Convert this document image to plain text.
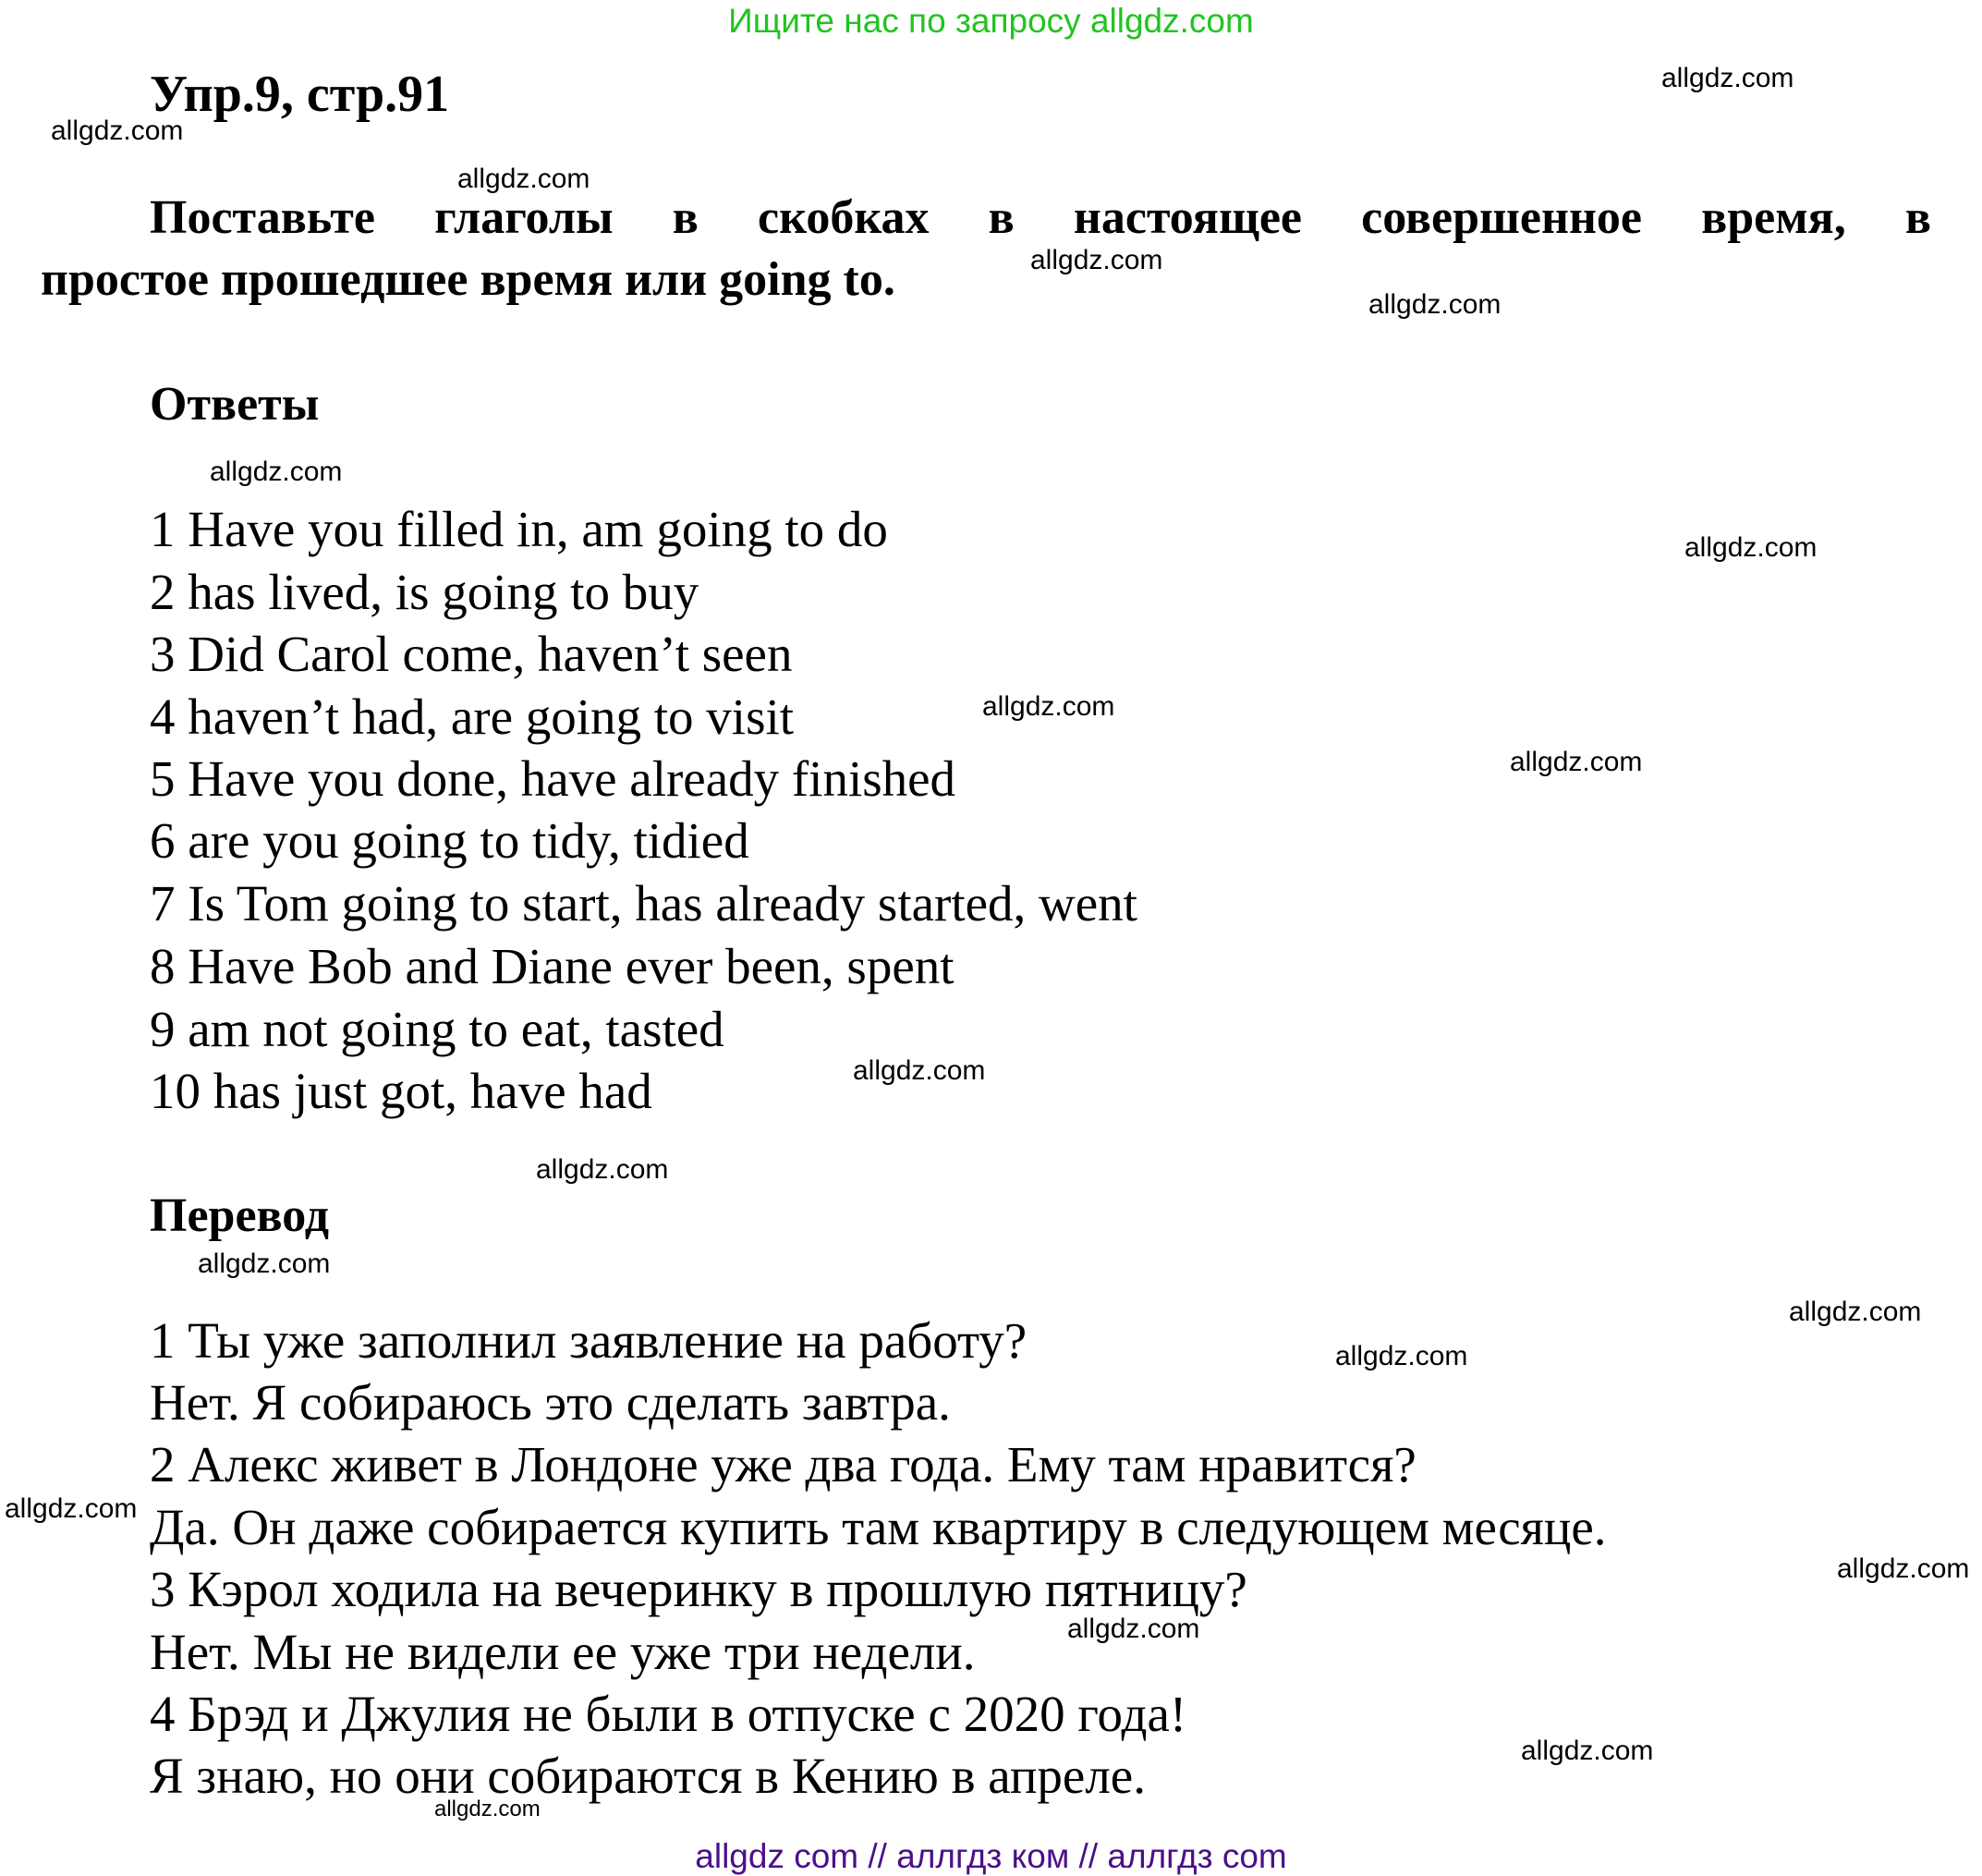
Ищите нас по запросу allgdz.com
Упр.9, стр.91
Поставьте глаголы в скобках в настоящее совершенное время, в
простое прошедшее время или going to.
Ответы
1 Have you filled in, am going to do
2 has lived, is going to buy
3 Did Carol come, haven’t seen
4 haven’t had, are going to visit
5 Have you done, have already finished
6 are you going to tidy, tidied
7 Is Tom going to start, has already started, went
8 Have Bob and Diane ever been, spent
9 am not going to eat, tasted
10 has just got, have had
Перевод
1 Ты уже заполнил заявление на работу?
Нет. Я собираюсь это сделать завтра.
2 Алекс живет в Лондоне уже два года. Ему там нравится?
Да. Он даже собирается купить там квартиру в следующем месяце.
3 Кэрол ходила на вечеринку в прошлую пятницу?
Нет. Мы не видели ее уже три недели.
4 Брэд и Джулия не были в отпуске с 2020 года!
Я знаю, но они собираются в Кению в апреле.
allgdz.com
allgdz.com
allgdz.com
allgdz.com
allgdz.com
allgdz.com
allgdz.com
allgdz.com
allgdz.com
allgdz.com
allgdz.com
allgdz.com
allgdz.com
allgdz.com
allgdz.com
allgdz.com
allgdz.com
allgdz.com
allgdz.com
allgdz com // аллгдз ком // аллгдз com
